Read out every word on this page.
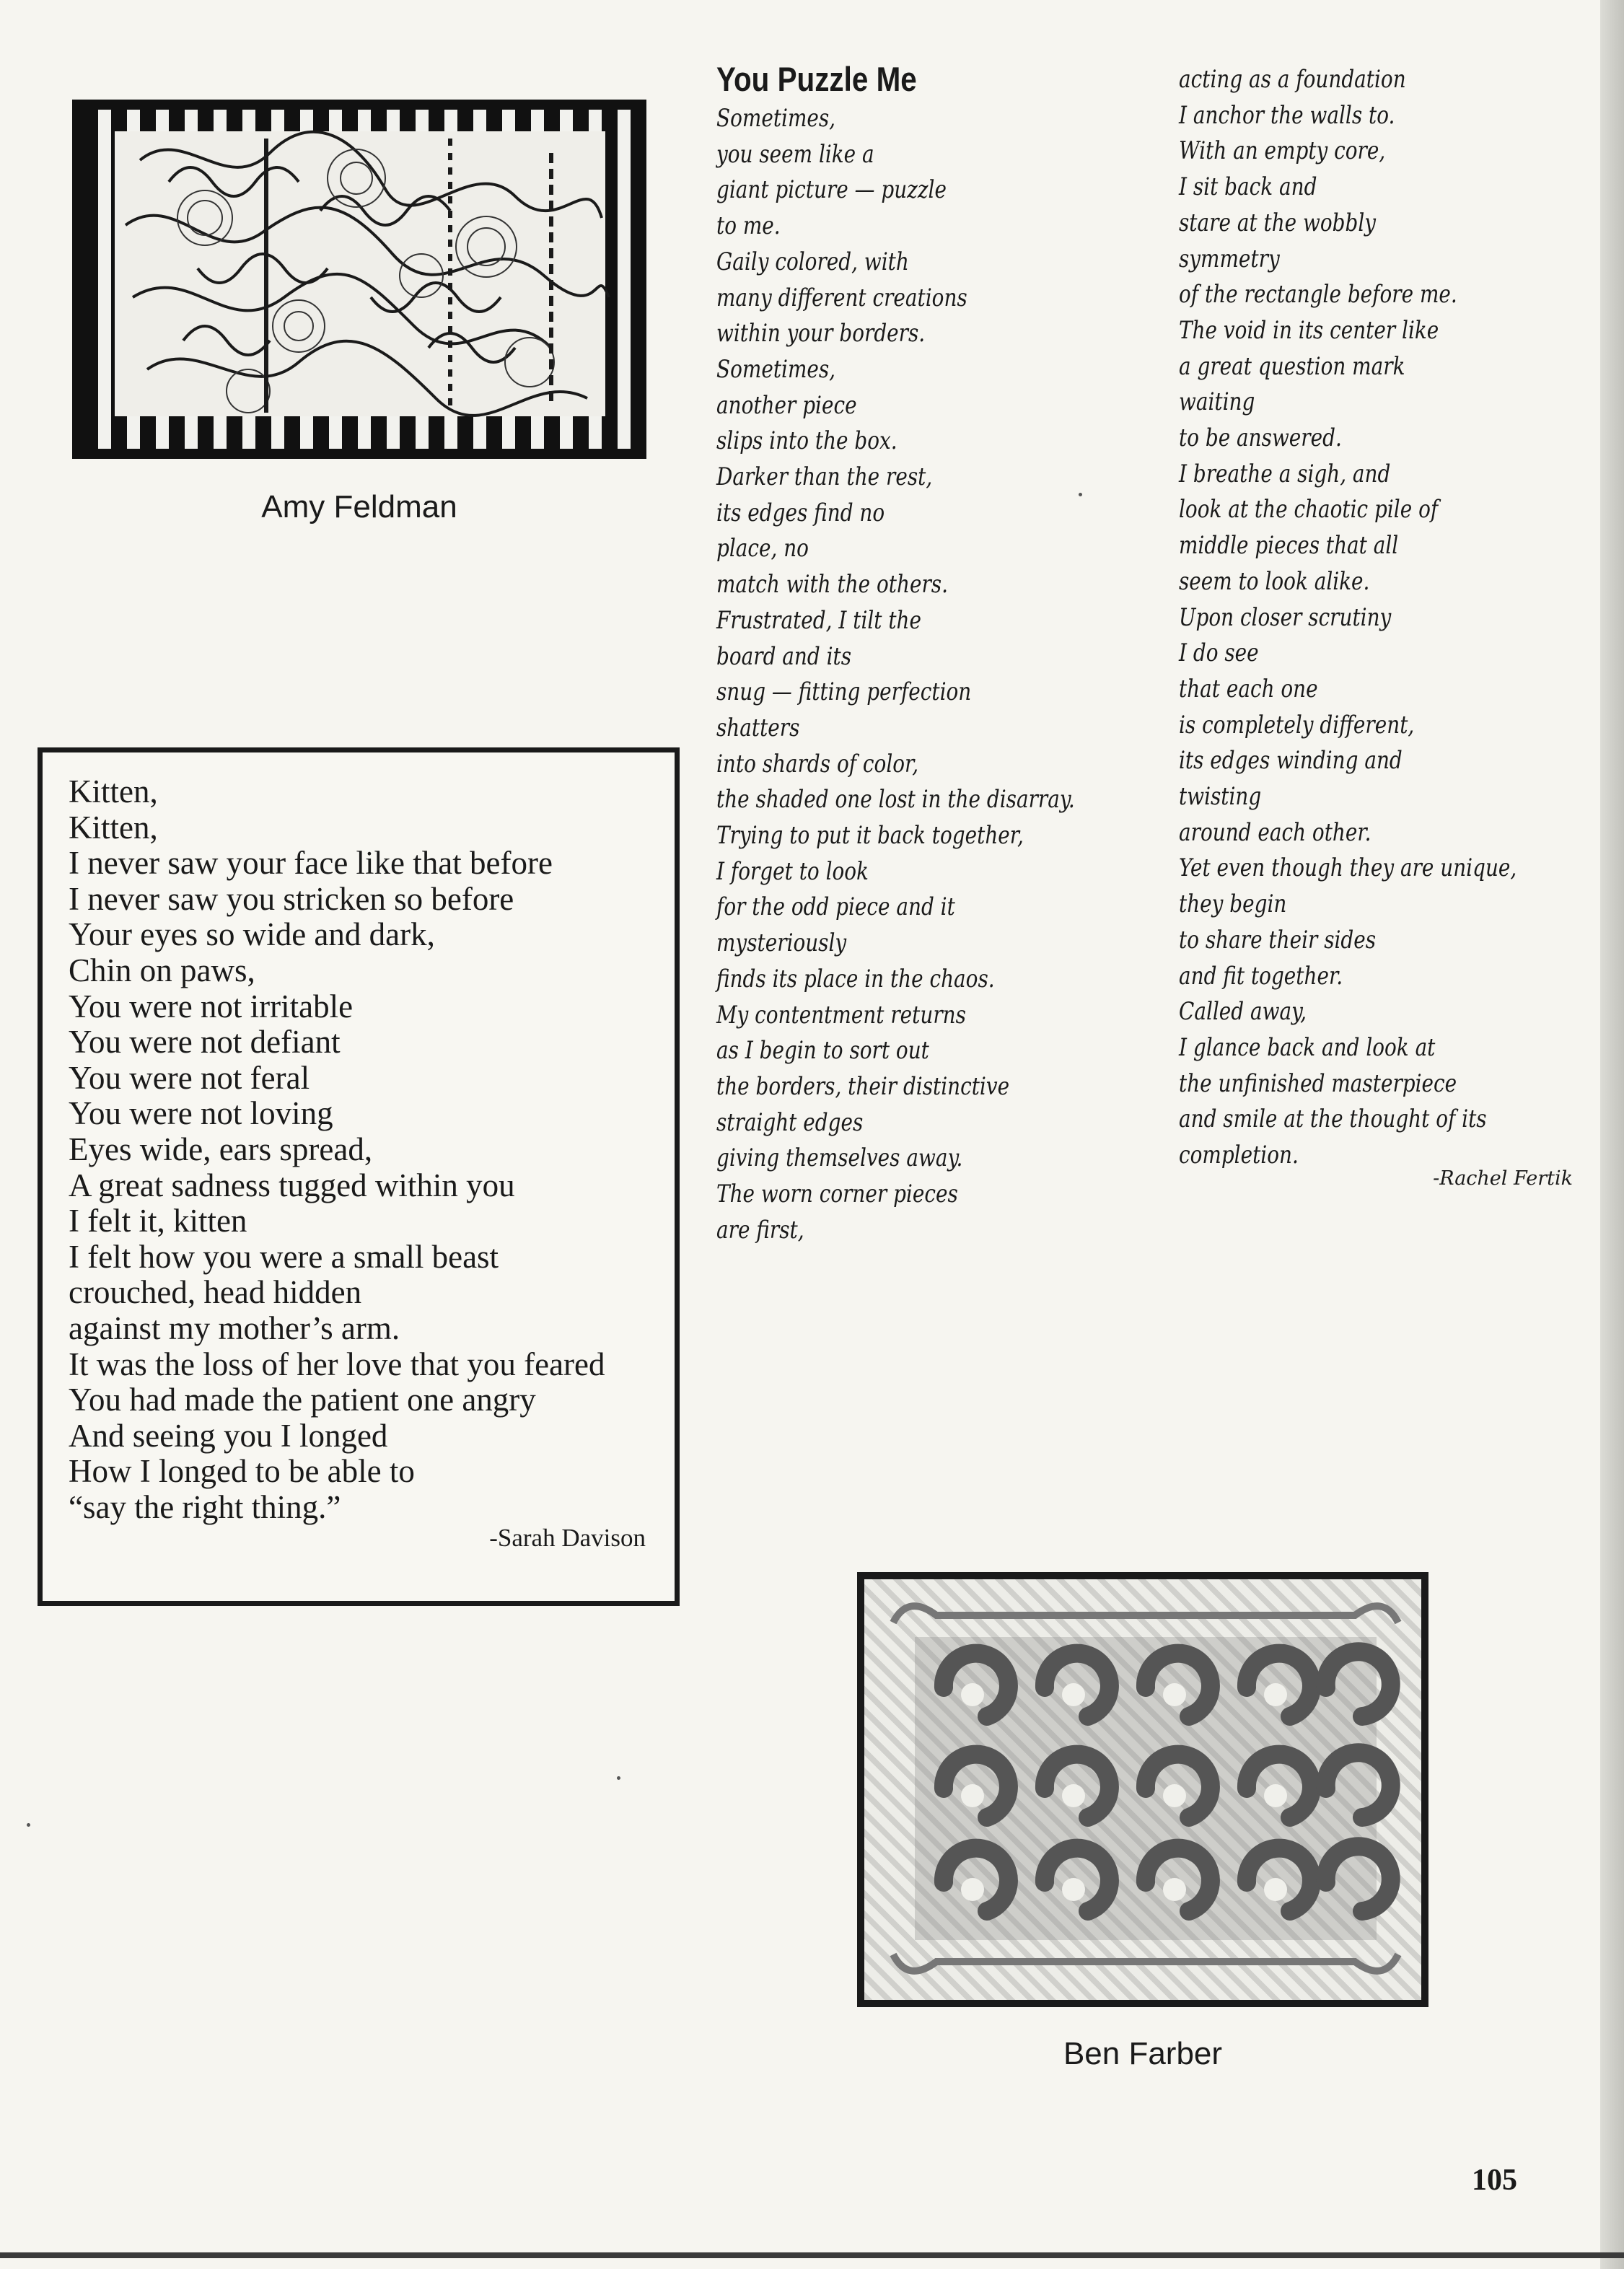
Amy Feldman
Kitten,
Kitten,
I never saw your face like that before
I never saw you stricken so before
Your eyes so wide and dark,
Chin on paws,
You were not irritable
You were not defiant
You were not feral
You were not loving
Eyes wide, ears spread,
A great sadness tugged within you
I felt it, kitten
I felt how you were a small beast
crouched, head hidden
against my mother’s arm.
It was the loss of her love that you feared
You had made the patient one angry
And seeing you I longed
How I longed to be able to
“say the right thing.”
-Sarah Davison
You Puzzle Me
Sometimes,
you seem like a
giant picture — puzzle
to me.
Gaily colored, with
many different creations
within your borders.
Sometimes,
another piece
slips into the box.
Darker than the rest,
its edges find no
place, no
match with the others.
Frustrated, I tilt the
board and its
snug — fitting perfection
shatters
into shards of color,
the shaded one lost in the disarray.
Trying to put it back together,
I forget to look
for the odd piece and it
mysteriously
finds its place in the chaos.
My contentment returns
as I begin to sort out
the borders, their distinctive
straight edges
giving themselves away.
The worn corner pieces
are first,
acting as a foundation
I anchor the walls to.
With an empty core,
I sit back and
stare at the wobbly
symmetry
of the rectangle before me.
The void in its center like
a great question mark
waiting
to be answered.
I breathe a sigh, and
look at the chaotic pile of
middle pieces that all
seem to look alike.
Upon closer scrutiny
I do see
that each one
is completely different,
its edges winding and
twisting
around each other.
Yet even though they are unique,
they begin
to share their sides
and fit together.
Called away,
I glance back and look at
the unfinished masterpiece
and smile at the thought of its
completion.
-Rachel Fertik
Ben Farber
105
